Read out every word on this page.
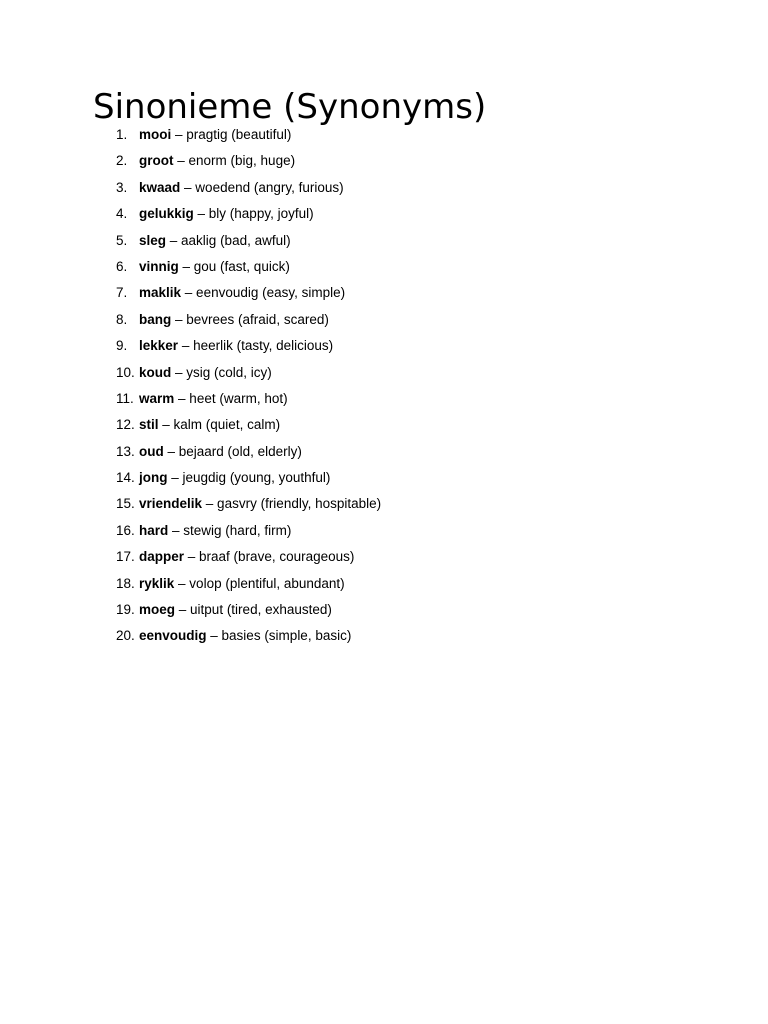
Sinonieme (Synonyms)
1. mooi – pragtig (beautiful)
2. groot – enorm (big, huge)
3. kwaad – woedend (angry, furious)
4. gelukkig – bly (happy, joyful)
5. sleg – aaklig (bad, awful)
6. vinnig – gou (fast, quick)
7. maklik – eenvoudig (easy, simple)
8. bang – bevrees (afraid, scared)
9. lekker – heerlik (tasty, delicious)
10. koud – ysig (cold, icy)
11. warm – heet (warm, hot)
12. stil – kalm (quiet, calm)
13. oud – bejaard (old, elderly)
14. jong – jeugdig (young, youthful)
15. vriendelik – gasvry (friendly, hospitable)
16. hard – stewig (hard, firm)
17. dapper – braaf (brave, courageous)
18. ryklik – volop (plentiful, abundant)
19. moeg – uitput (tired, exhausted)
20. eenvoudig – basies (simple, basic)
